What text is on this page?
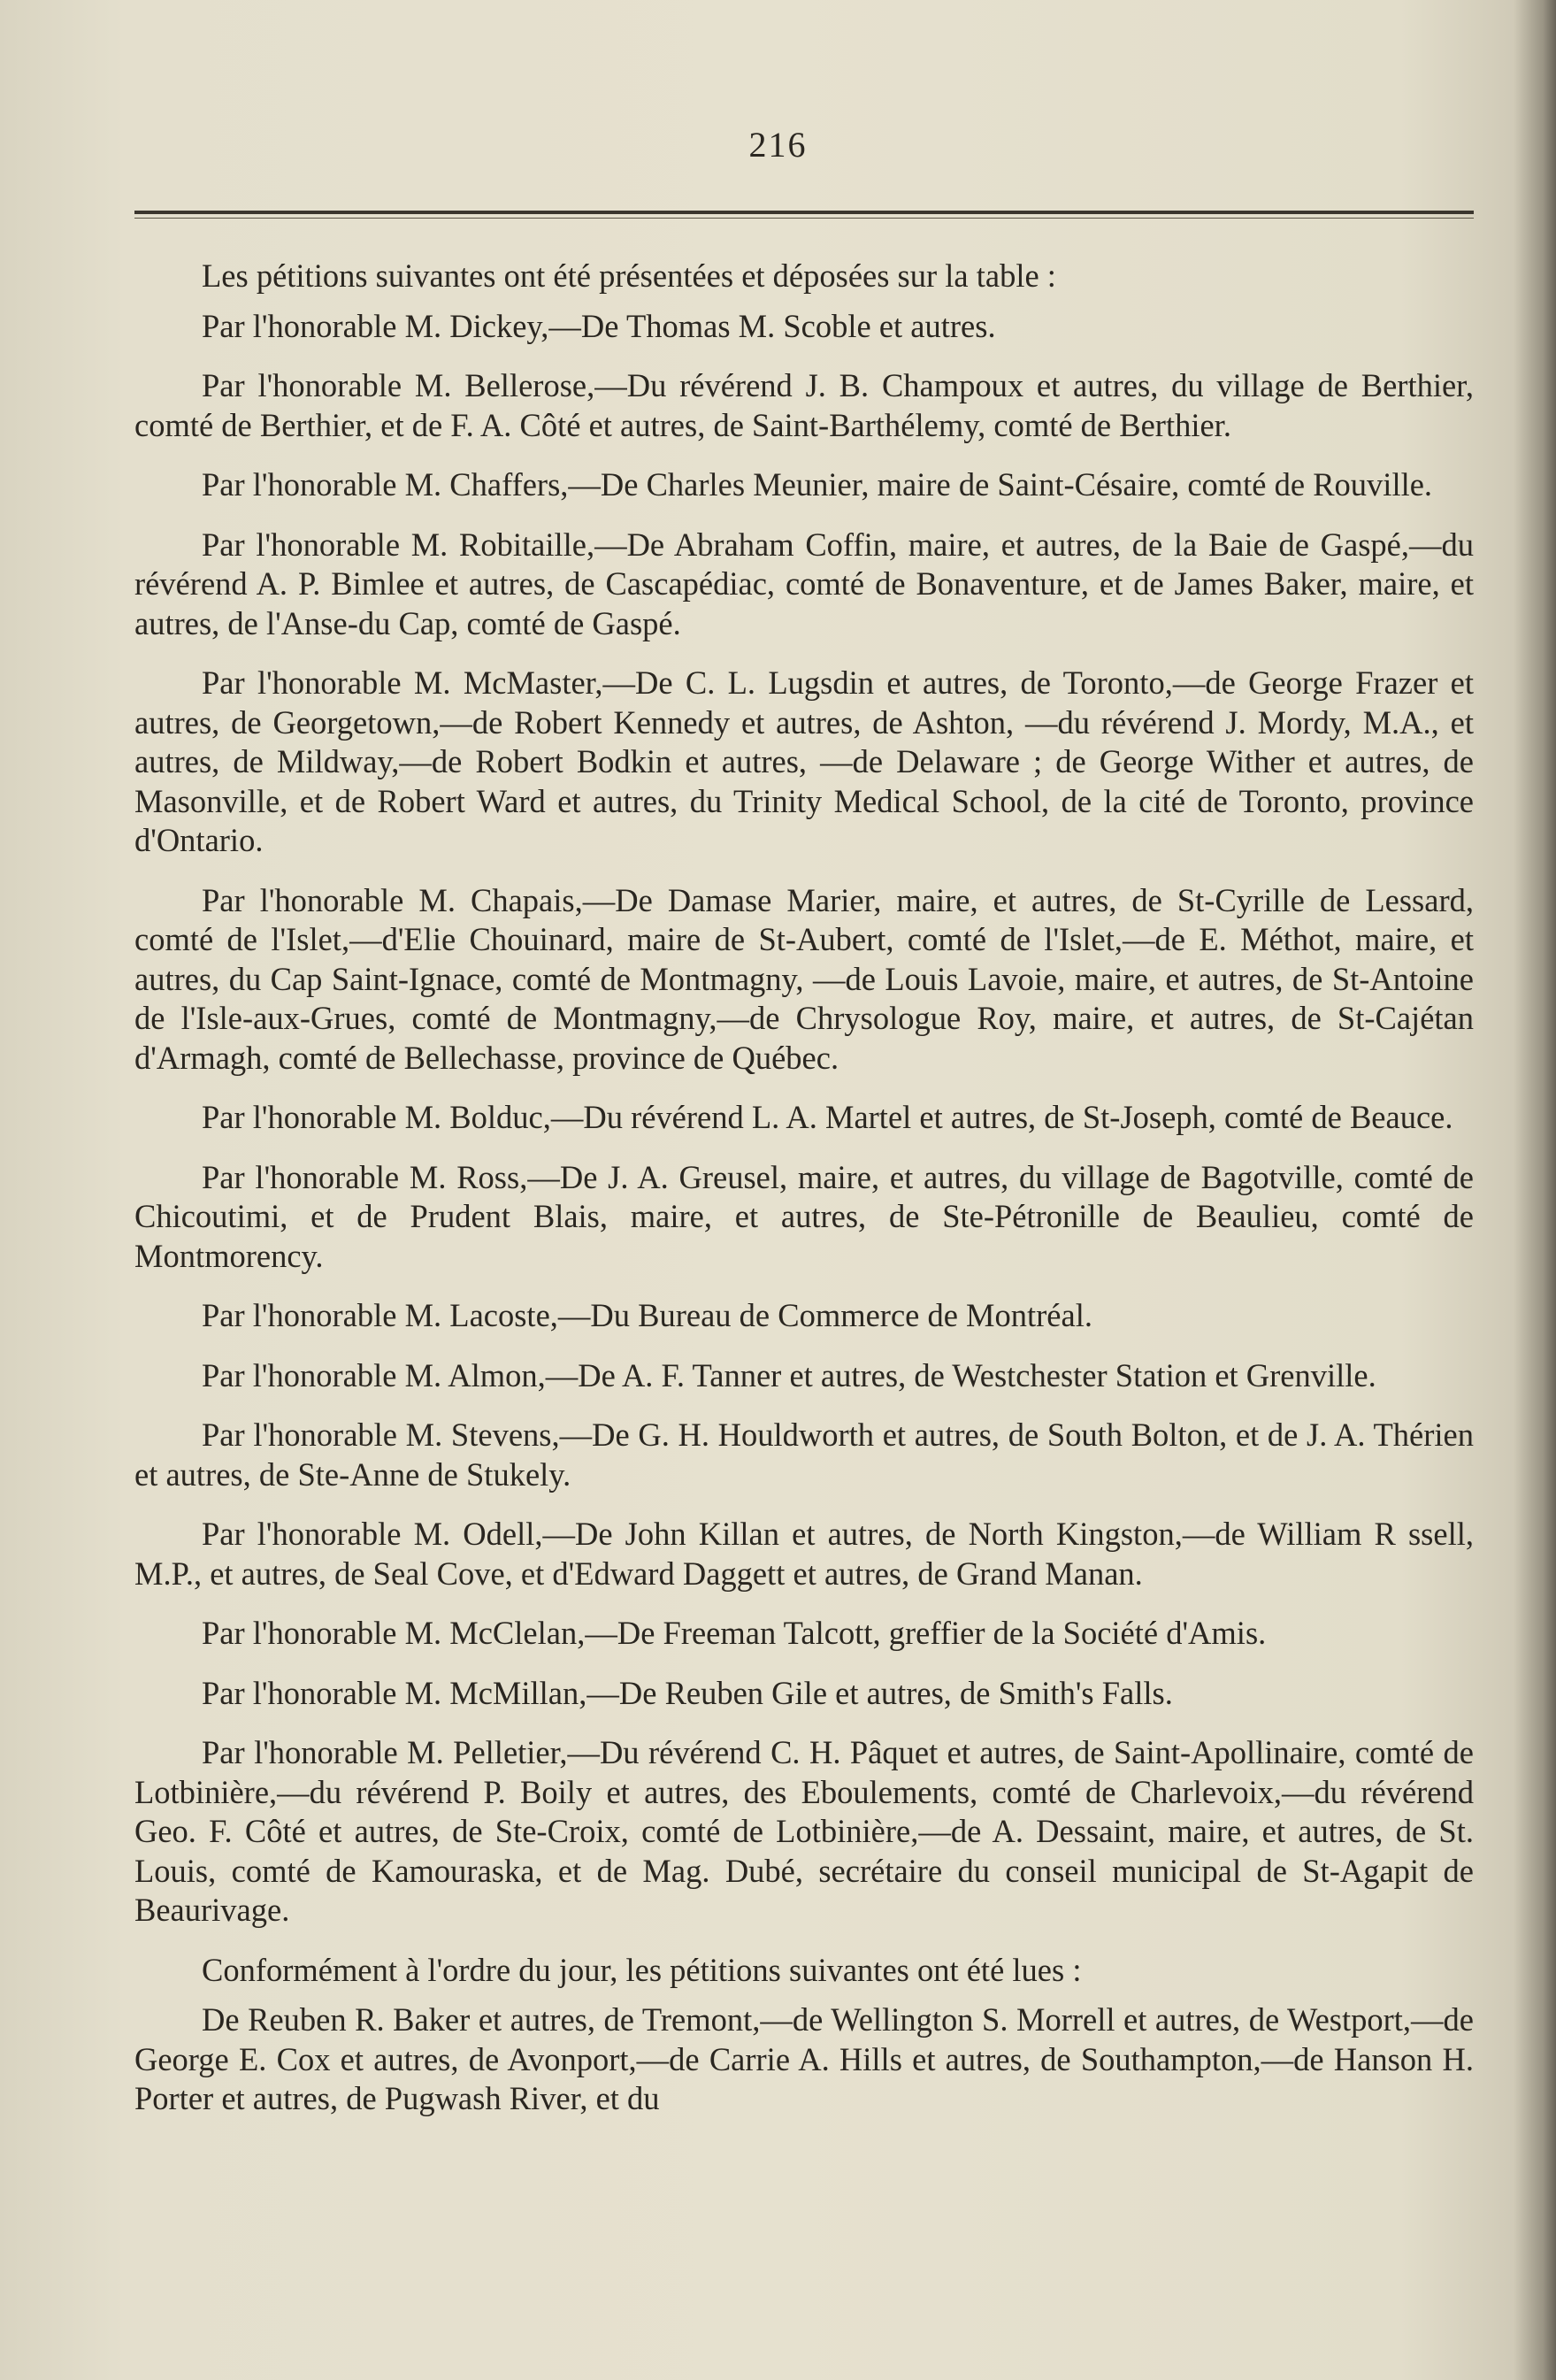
216

Les pétitions suivantes ont été présentées et déposées sur la table :

Par l'honorable M. Dickey,—De Thomas M. Scoble et autres.

Par l'honorable M. Bellerose,—Du révérend J. B. Champoux et autres, du village de Berthier, comté de Berthier, et de F. A. Côté et autres, de Saint-Barthélemy, comté de Berthier.

Par l'honorable M. Chaffers,—De Charles Meunier, maire de Saint-Césaire, comté de Rouville.

Par l'honorable M. Robitaille,—De Abraham Coffin, maire, et autres, de la Baie de Gaspé,—du révérend A. P. Bimlee et autres, de Cascapédiac, comté de Bonaventure, et de James Baker, maire, et autres, de l'Anse-du Cap, comté de Gaspé.

Par l'honorable M. McMaster,—De C. L. Lugsdin et autres, de Toronto,—de George Frazer et autres, de Georgetown,—de Robert Kennedy et autres, de Ashton, —du révérend J. Mordy, M.A., et autres, de Mildway,—de Robert Bodkin et autres, —de Delaware ; de George Wither et autres, de Masonville, et de Robert Ward et autres, du Trinity Medical School, de la cité de Toronto, province d'Ontario.

Par l'honorable M. Chapais,—De Damase Marier, maire, et autres, de St-Cyrille de Lessard, comté de l'Islet,—d'Elie Chouinard, maire de St-Aubert, comté de l'Islet,—de E. Méthot, maire, et autres, du Cap Saint-Ignace, comté de Montmagny, —de Louis Lavoie, maire, et autres, de St-Antoine de l'Isle-aux-Grues, comté de Montmagny,—de Chrysologue Roy, maire, et autres, de St-Cajétan d'Armagh, comté de Bellechasse, province de Québec.

Par l'honorable M. Bolduc,—Du révérend L. A. Martel et autres, de St-Joseph, comté de Beauce.

Par l'honorable M. Ross,—De J. A. Greusel, maire, et autres, du village de Bagotville, comté de Chicoutimi, et de Prudent Blais, maire, et autres, de Ste-Pétronille de Beaulieu, comté de Montmorency.

Par l'honorable M. Lacoste,—Du Bureau de Commerce de Montréal.

Par l'honorable M. Almon,—De A. F. Tanner et autres, de Westchester Station et Grenville.

Par l'honorable M. Stevens,—De G. H. Houldworth et autres, de South Bolton, et de J. A. Thérien et autres, de Ste-Anne de Stukely.

Par l'honorable M. Odell,—De John Killan et autres, de North Kingston,—de William R ssell, M.P., et autres, de Seal Cove, et d'Edward Daggett et autres, de Grand Manan.

Par l'honorable M. McClelan,—De Freeman Talcott, greffier de la Société d'Amis.

Par l'honorable M. McMillan,—De Reuben Gile et autres, de Smith's Falls.

Par l'honorable M. Pelletier,—Du révérend C. H. Pâquet et autres, de Saint-Apollinaire, comté de Lotbinière,—du révérend P. Boily et autres, des Eboulements, comté de Charlevoix,—du révérend Geo. F. Côté et autres, de Ste-Croix, comté de Lotbinière,—de A. Dessaint, maire, et autres, de St. Louis, comté de Kamouraska, et de Mag. Dubé, secrétaire du conseil municipal de St-Agapit de Beaurivage.

Conformément à l'ordre du jour, les pétitions suivantes ont été lues :

De Reuben R. Baker et autres, de Tremont,—de Wellington S. Morrell et autres, de Westport,—de George E. Cox et autres, de Avonport,—de Carrie A. Hills et autres, de Southampton,—de Hanson H. Porter et autres, de Pugwash River, et du
